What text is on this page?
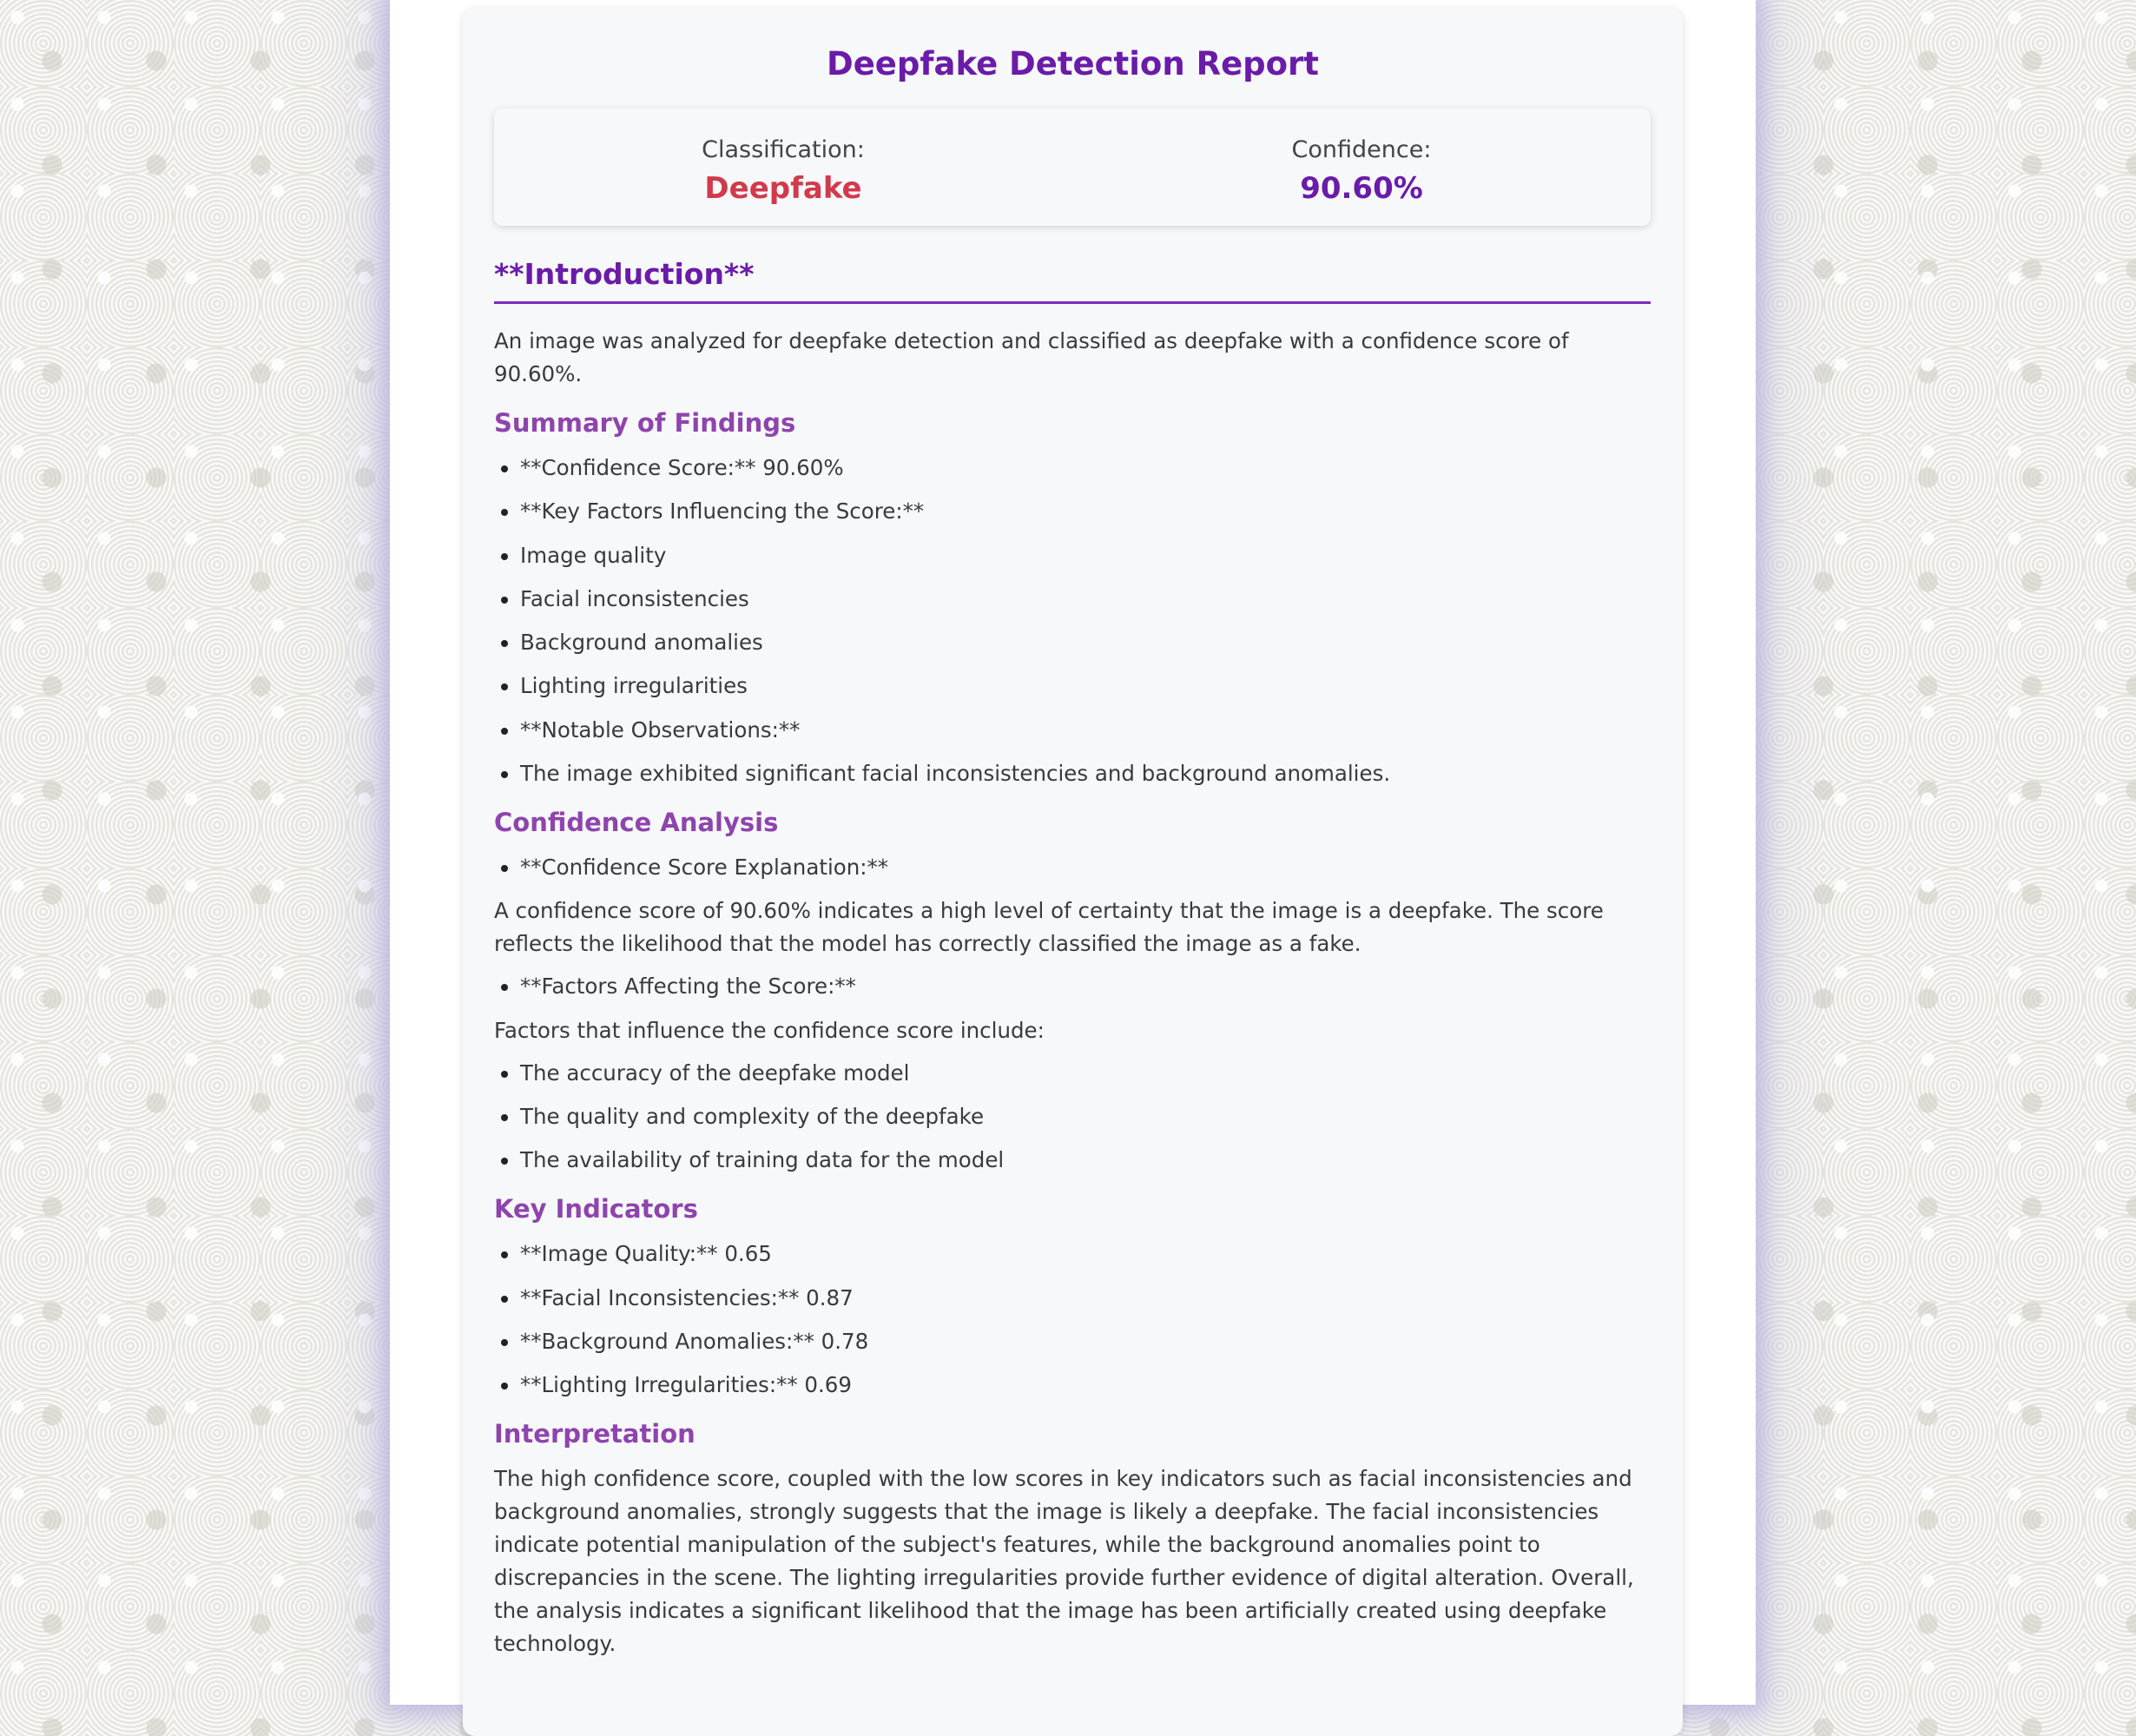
Deepfake Detection Report
Classification:
Deepfake
Confidence:
90.60%
**Introduction**

An image was analyzed for deepfake detection and classified as deepfake with a confidence score of 90.60%.

Summary of Findings
• **Confidence Score:** 90.60%
• **Key Factors Influencing the Score:**
• Image quality
• Facial inconsistencies
• Background anomalies
• Lighting irregularities
• **Notable Observations:**
• The image exhibited significant facial inconsistencies and background anomalies.
Confidence Analysis
• **Confidence Score Explanation:**

A confidence score of 90.60% indicates a high level of certainty that the image is a deepfake. The score reflects the likelihood that the model has correctly classified the image as a fake.

• **Factors Affecting the Score:**

Factors that influence the confidence score include:

• The accuracy of the deepfake model
• The quality and complexity of the deepfake
• The availability of training data for the model
Key Indicators
• **Image Quality:** 0.65
• **Facial Inconsistencies:** 0.87
• **Background Anomalies:** 0.78
• **Lighting Irregularities:** 0.69
Interpretation

The high confidence score, coupled with the low scores in key indicators such as facial inconsistencies and background anomalies, strongly suggests that the image is likely a deepfake. The facial inconsistencies indicate potential manipulation of the subject's features, while the background anomalies point to discrepancies in the scene. The lighting irregularities provide further evidence of digital alteration. Overall, the analysis indicates a significant likelihood that the image has been artificially created using deepfake technology.
